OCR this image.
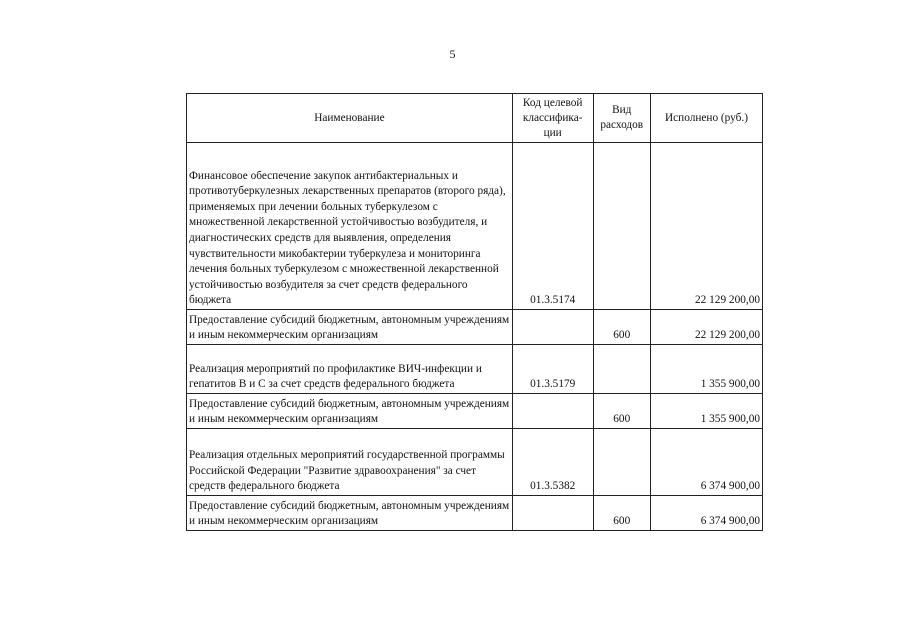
5
Наименование	Код целевой классифика-ции	Вид расходов	Исполнено (руб.)
Финансовое обеспечение закупок антибактериальных и противотуберкулезных лекарственных препаратов (второго ряда), применяемых при лечении больных туберкулезом с множественной лекарственной устойчивостью возбудителя, и диагностических средств для выявления, определения чувствительности микобактерии туберкулеза и мониторинга лечения больных туберкулезом с множественной лекарственной устойчивостью возбудителя за счет средств федерального бюджета	01.3.5174		22 129 200,00
Предоставление субсидий бюджетным, автономным учреждениям и иным некоммерческим организациям		600	22 129 200,00
Реализация мероприятий по профилактике ВИЧ-инфекции и гепатитов B и C за счет средств федерального бюджета	01.3.5179		1 355 900,00
Предоставление субсидий бюджетным, автономным учреждениям и иным некоммерческим организациям		600	1 355 900,00
Реализация отдельных мероприятий государственной программы Российской Федерации "Развитие здравоохранения" за счет средств федерального бюджета	01.3.5382		6 374 900,00
Предоставление субсидий бюджетным, автономным учреждениям и иным некоммерческим организациям		600	6 374 900,00
